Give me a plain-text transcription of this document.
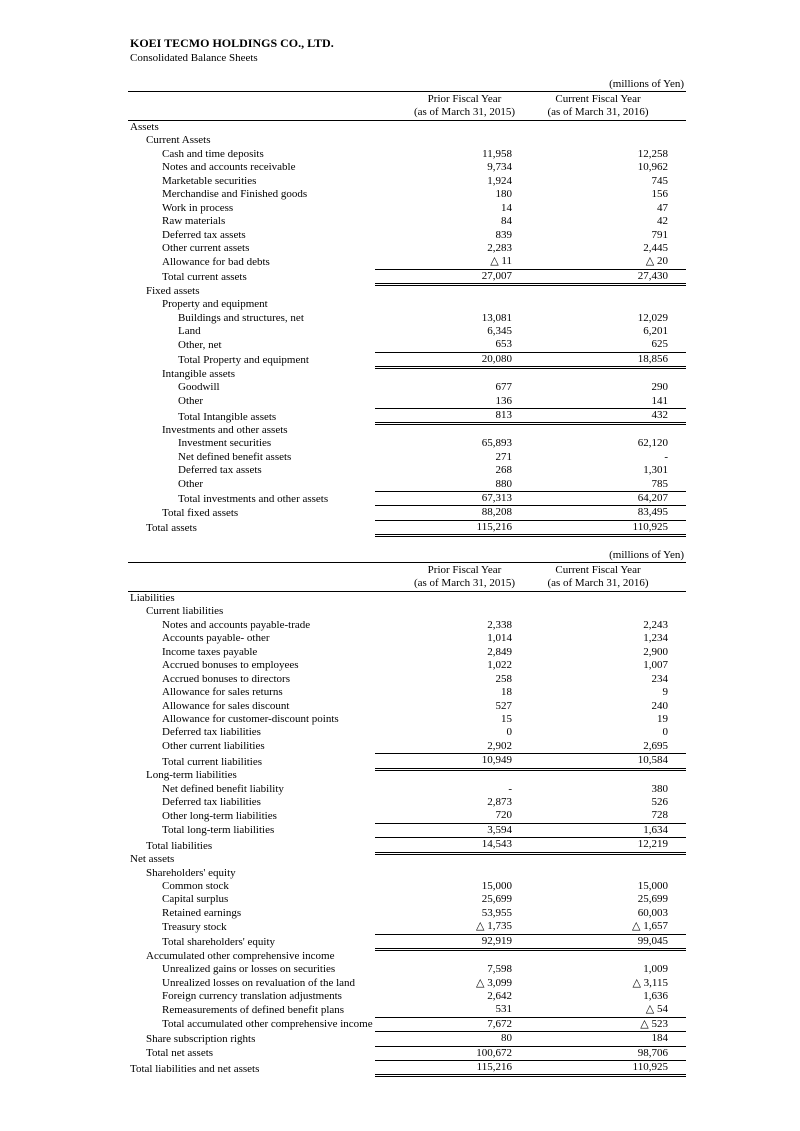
KOEI TECMO HOLDINGS CO., LTD.
Consolidated Balance Sheets
(millions of Yen)

Prior Fiscal Year
(as of March 31, 2015)

Current Fiscal Year
(as of March 31, 2016)

Assets		
Current Assets		
Cash and time deposits	11,958	12,258
Notes and accounts receivable	9,734	10,962
Marketable securities	1,924	745
Merchandise and Finished goods	180	156
Work in process	14	47
Raw materials	84	42
Deferred tax assets	839	791
Other current assets	2,283	2,445
Allowance for bad debts	△ 11	△ 20
Total current assets	27,007	27,430
Fixed assets		
Property and equipment		
Buildings and structures, net	13,081	12,029
Land	6,345	6,201
Other, net	653	625
Total Property and equipment	20,080	18,856
Intangible assets		
Goodwill	677	290
Other	136	141
Total Intangible assets	813	432
Investments and other assets		
Investment securities	65,893	62,120
Net defined benefit assets	271	-
Deferred tax assets	268	1,301
Other	880	785
Total investments and other assets	67,313	64,207
Total fixed assets	88,208	83,495
Total assets	115,216	110,925
(millions of Yen)

Prior Fiscal Year
(as of March 31, 2015)

Current Fiscal Year
(as of March 31, 2016)

Liabilities		
Current liabilities		
Notes and accounts payable-trade	2,338	2,243
Accounts payable- other	1,014	1,234
Income taxes payable	2,849	2,900
Accrued bonuses to employees	1,022	1,007
Accrued bonuses to directors	258	234
Allowance for sales returns	18	9
Allowance for sales discount	527	240
Allowance for customer-discount points	15	19
Deferred tax liabilities	0	0
Other current liabilities	2,902	2,695
Total current liabilities	10,949	10,584
Long-term liabilities		
Net defined benefit liability	-	380
Deferred tax liabilities	2,873	526
Other long-term liabilities	720	728
Total long-term liabilities	3,594	1,634
Total liabilities	14,543	12,219
Net assets		
Shareholders' equity		
Common stock	15,000	15,000
Capital surplus	25,699	25,699
Retained earnings	53,955	60,003
Treasury stock	△ 1,735	△ 1,657
Total shareholders' equity	92,919	99,045
Accumulated other comprehensive income		
Unrealized gains or losses on securities	7,598	1,009
Unrealized losses on revaluation of the land	△ 3,099	△ 3,115
Foreign currency translation adjustments	2,642	1,636
Remeasurements of defined benefit plans	531	△ 54
Total accumulated other comprehensive income	7,672	△ 523
Share subscription rights	80	184
Total net assets	100,672	98,706
Total liabilities and net assets	115,216	110,925
